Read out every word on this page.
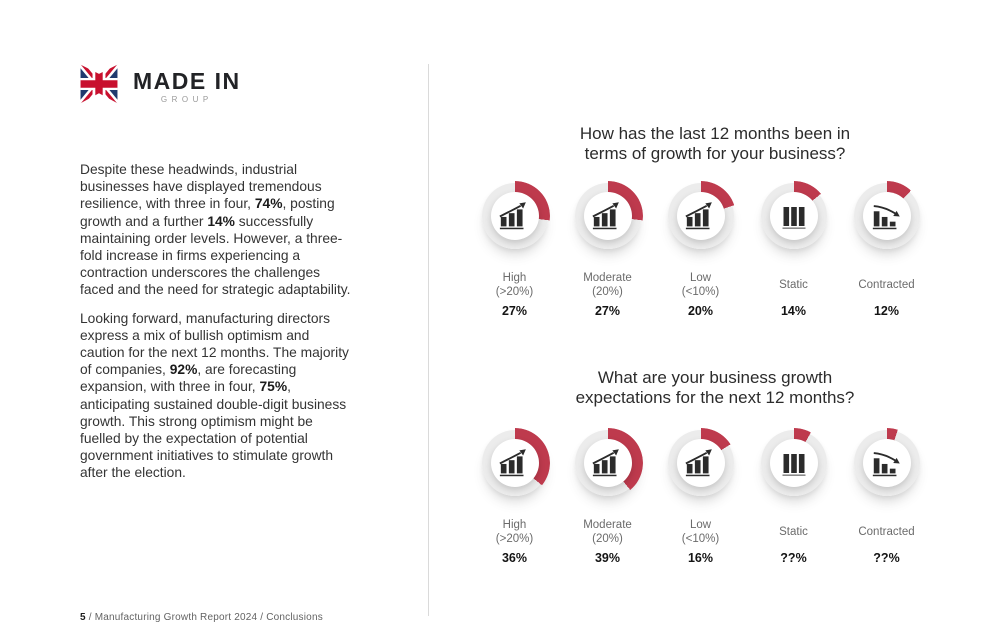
MADE IN
GROUP

Despite these headwinds, industrial businesses have displayed tremendous resilience, with three in four, 74%, posting growth and a further 14% successfully maintaining order levels. However, a three-fold increase in firms experiencing a contraction underscores the challenges faced and the need for strategic adaptability.

Looking forward, manufacturing directors express a mix of bullish optimism and caution for the next 12 months. The majority of companies, 92%, are forecasting expansion, with three in four, 75%, anticipating sustained double-digit business growth. This strong optimism might be fuelled by the expectation of potential government initiatives to stimulate growth after the election.

How has the last 12 months been in
terms of growth for your business?
High
(>20%)
27%
Moderate
(20%)
27%
Low
(<10%)
20%
Static
14%
Contracted
12%
What are your business growth
expectations for the next 12 months?
High
(>20%)
36%
Moderate
(20%)
39%
Low
(<10%)
16%
Static
??%
Contracted
??%
5 / Manufacturing Growth Report 2024 / Conclusions
